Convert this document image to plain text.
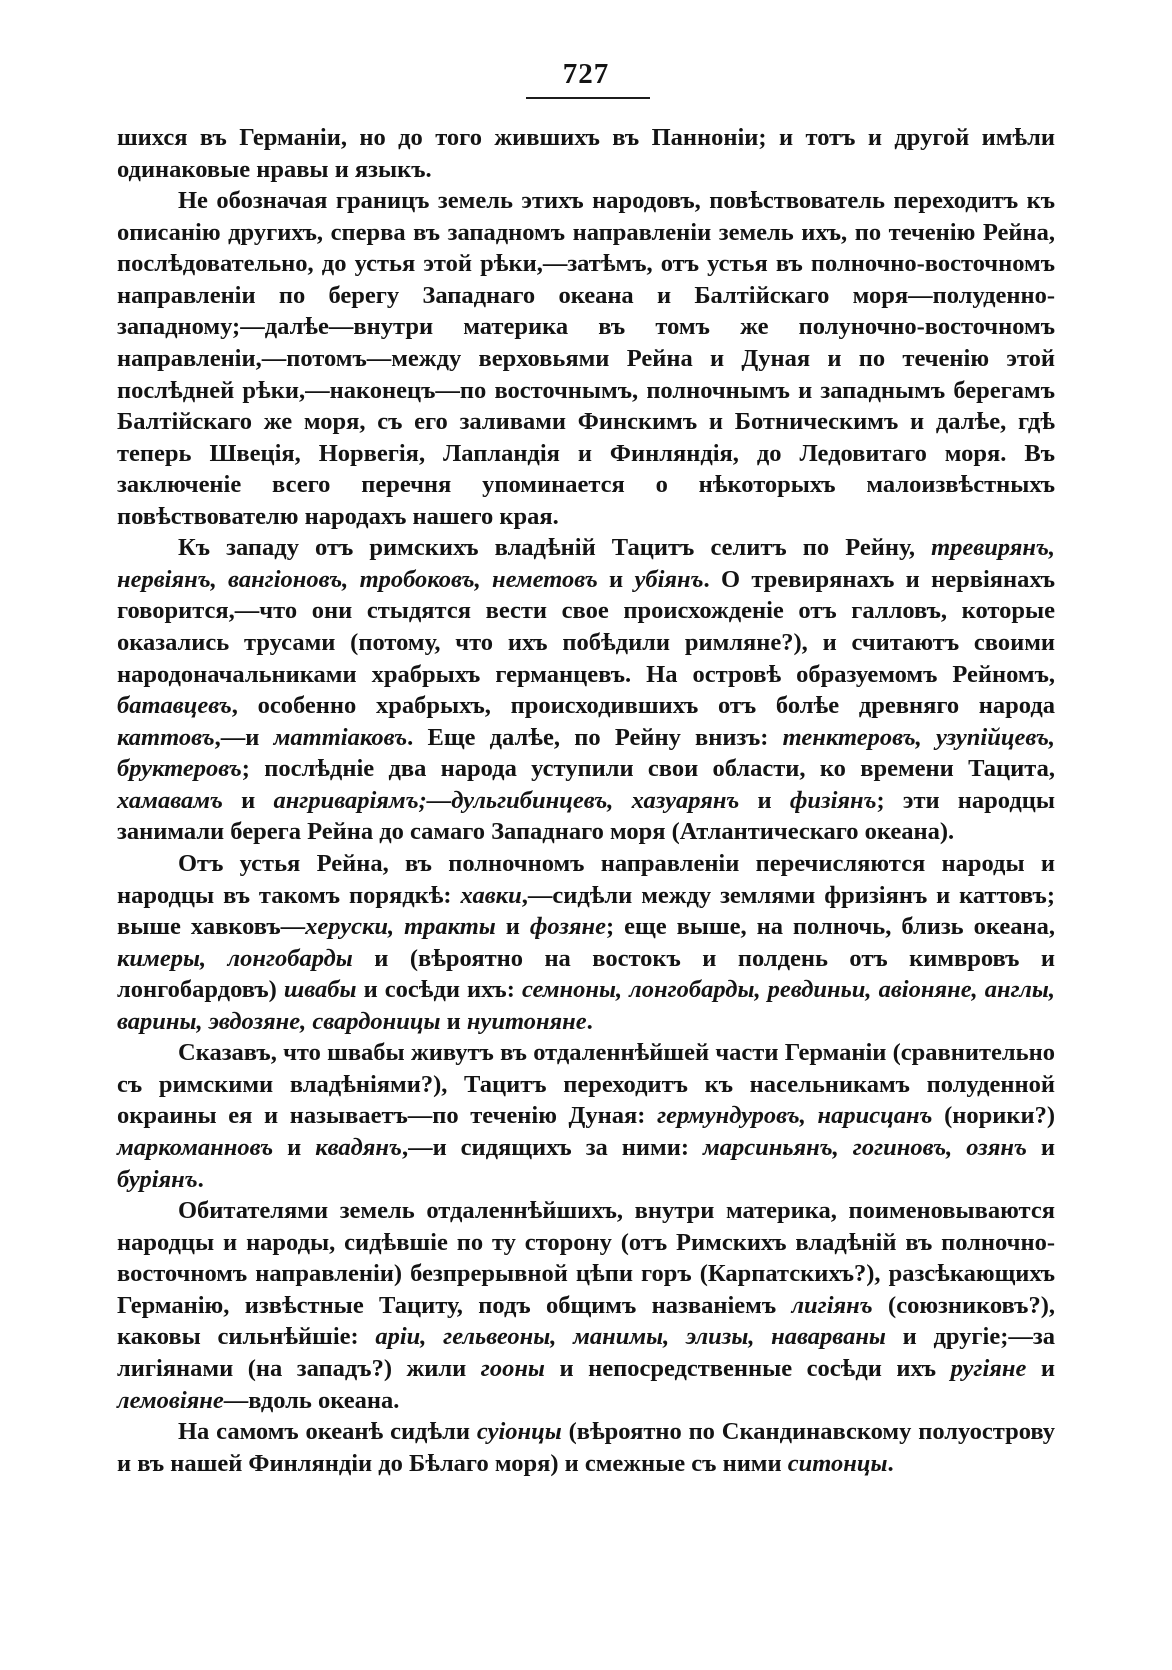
727

шихся въ Германіи, но до того жившихъ въ Панноніи; и тотъ и другой имѣли одинаковые нравы и языкъ.

Не обозначая границъ земель этихъ народовъ, повѣствователь переходитъ къ описанію другихъ, сперва въ западномъ направленіи земель ихъ, по теченію Рейна, послѣдовательно, до устья этой рѣки,—затѣмъ, отъ устья въ полночно-восточномъ направленіи по берегу Западнаго океана и Балтійскаго моря—полуденно-западному;—далѣе—внутри материка въ томъ же полуночно-восточномъ направленіи,—потомъ—между верховьями Рейна и Дуная и по теченію этой послѣдней рѣки,—наконецъ—по восточнымъ, полночнымъ и западнымъ берегамъ Балтійскаго же моря, съ его заливами Финскимъ и Ботническимъ и далѣе, гдѣ теперь Швеція, Норвегія, Лапландія и Финляндія, до Ледовитаго моря. Въ заключеніе всего перечня упоминается о нѣкоторыхъ малоизвѣстныхъ повѣствователю народахъ нашего края.

Къ западу отъ римскихъ владѣній Тацитъ селитъ по Рейну, тревирянъ, нервіянъ, вангіоновъ, тробоковъ, неметовъ и убіянъ. О тревирянахъ и нервіянахъ говорится,—что они стыдятся вести свое происхожденіе отъ галловъ, которые оказались трусами (потому, что ихъ побѣдили римляне?), и считаютъ своими народоначальниками храбрыхъ германцевъ. На островѣ образуемомъ Рейномъ, батавцевъ, особенно храбрыхъ, происходившихъ отъ болѣе древняго народа каттовъ,—и маттіаковъ. Еще далѣе, по Рейну внизъ: тенктеровъ, узупійцевъ, бруктеровъ; послѣдніе два народа уступили свои области, ко времени Тацита, хамавамъ и ангриваріямъ;—дульгибинцевъ, хазуарянъ и физіянъ; эти народцы занимали берега Рейна до самаго Западнаго моря (Атлантическаго океана).

Отъ устья Рейна, въ полночномъ направленіи перечисляются народы и народцы въ такомъ порядкѣ: хавки,—сидѣли между землями фризіянъ и каттовъ; выше хавковъ—херуски, тракты и фозяне; еще выше, на полночь, близь океана, кимеры, лонгобарды и (вѣроятно на востокъ и полдень отъ кимвровъ и лонгобардовъ) швабы и сосѣди ихъ: семноны, лонгобарды, ревдиньи, авіоняне, англы, варины, эвдозяне, свардоницы и нуитоняне.

Сказавъ, что швабы живутъ въ отдаленнѣйшей части Германіи (сравнительно съ римскими владѣніями?), Тацитъ переходитъ къ насельникамъ полуденной окраины ея и называетъ—по теченію Дуная: гермундуровъ, нарисцанъ (норики?) маркоманновъ и квадянъ,—и сидящихъ за ними: марсиньянъ, гогиновъ, озянъ и буріянъ.

Обитателями земель отдаленнѣйшихъ, внутри материка, поименовываются народцы и народы, сидѣвшіе по ту сторону (отъ Римскихъ владѣній въ полночно-восточномъ направленіи) безпрерывной цѣпи горъ (Карпатскихъ?), разсѣкающихъ Германію, извѣстные Тациту, подъ общимъ названіемъ лигіянъ (союзниковъ?), каковы сильнѣйшіе: аріи, гельвеоны, манимы, элизы, наварваны и другіе;—за лигіянами (на западъ?) жили гооны и непосредственные сосѣди ихъ ругіяне и лемовіяне—вдоль океана.

На самомъ океанѣ сидѣли суіонцы (вѣроятно по Скандинавскому полуострову и въ нашей Финляндіи до Бѣлаго моря) и смежные съ ними ситонцы.
